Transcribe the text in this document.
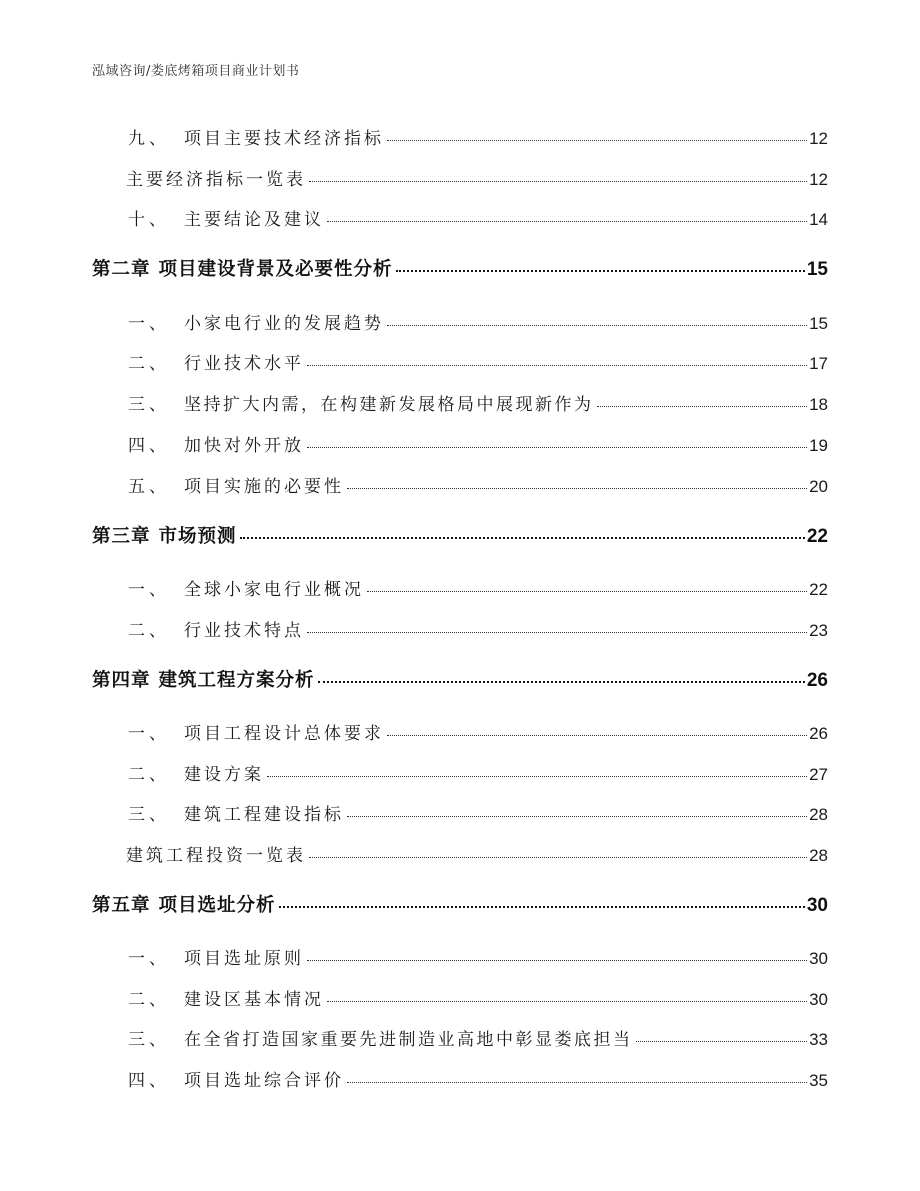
泓域咨询/娄底烤箱项目商业计划书
九、 项目主要技术经济指标	12
主要经济指标一览表	12
十、 主要结论及建议	14
第二章 项目建设背景及必要性分析	15
一、 小家电行业的发展趋势	15
二、 行业技术水平	17
三、 坚持扩大内需，在构建新发展格局中展现新作为	18
四、 加快对外开放	19
五、 项目实施的必要性	20
第三章 市场预测	22
一、 全球小家电行业概况	22
二、 行业技术特点	23
第四章 建筑工程方案分析	26
一、 项目工程设计总体要求	26
二、 建设方案	27
三、 建筑工程建设指标	28
建筑工程投资一览表	28
第五章 项目选址分析	30
一、 项目选址原则	30
二、 建设区基本情况	30
三、 在全省打造国家重要先进制造业高地中彰显娄底担当	33
四、 项目选址综合评价	35
